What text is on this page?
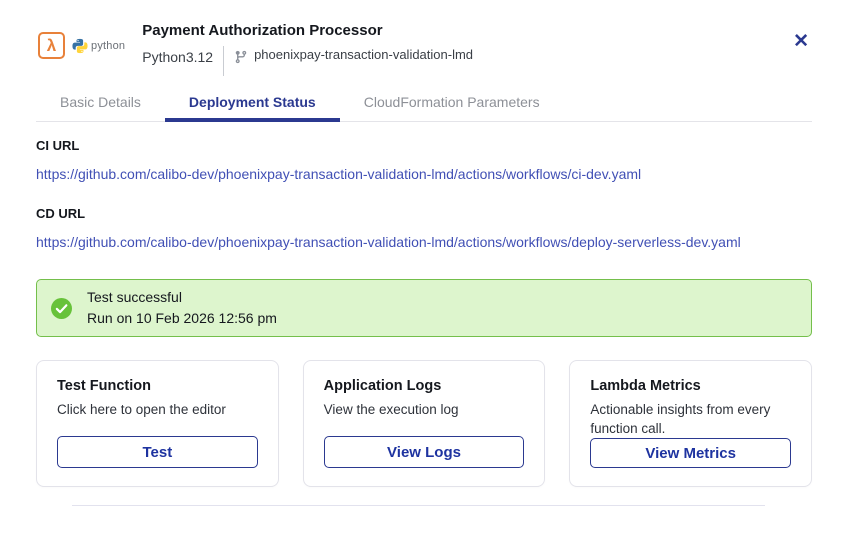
λ	python
Payment Authorization Processor
Python3.12	phoenixpay-transaction-validation-lmd
✕
Basic Details	Deployment Status	CloudFormation Parameters
CI URL
https://github.com/calibo-dev/phoenixpay-transaction-validation-lmd/actions/workflows/ci-dev.yaml
CD URL
https://github.com/calibo-dev/phoenixpay-transaction-validation-lmd/actions/workflows/deploy-serverless-dev.yaml
Test successful
Run on 10 Feb 2026 12:56 pm
Test Function
Click here to open the editor
Test
Application Logs
View the execution log
View Logs
Lambda Metrics
Actionable insights from every function call.
View Metrics
